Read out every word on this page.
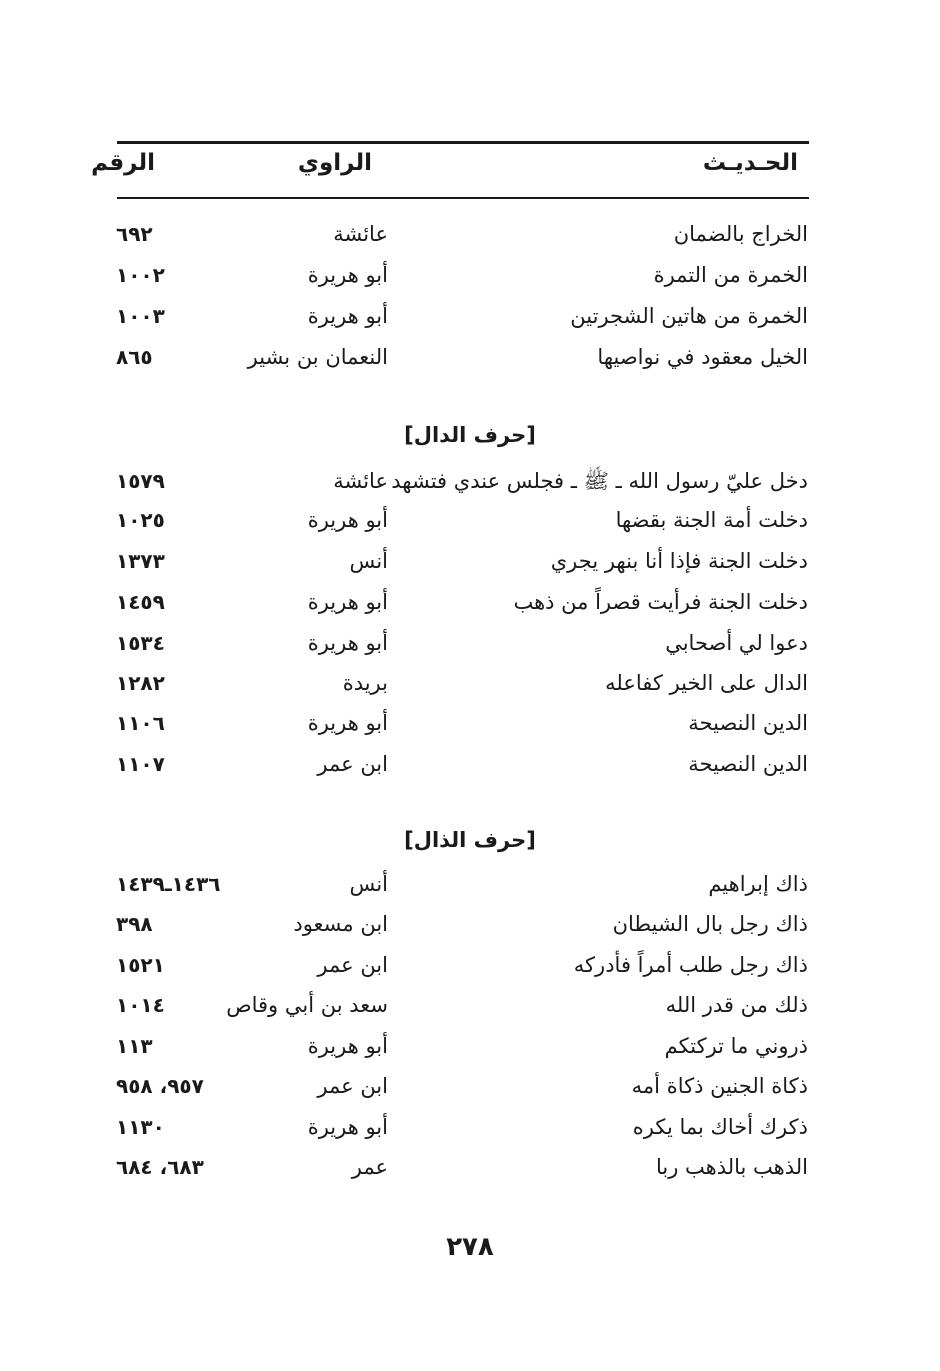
الحـديـث
الراوي
الرقم
الخراج بالضمان
عائشة
٦٩٢
الخمرة من التمرة
أبو هريرة
١٠٠٢
الخمرة من هاتين الشجرتين
أبو هريرة
١٠٠٣
الخيل معقود في نواصيها
النعمان بن بشير
٨٦٥
[حرف الدال]
دخل عليّ رسول الله ـ ﷺ ـ فجلس عندي فتشهد
عائشة
١٥٧٩
دخلت أمة الجنة بقضها
أبو هريرة
١٠٢٥
دخلت الجنة فإذا أنا بنهر يجري
أنس
١٣٧٣
دخلت الجنة فرأيت قصراً من ذهب
أبو هريرة
١٤٥٩
دعوا لي أصحابي
أبو هريرة
١٥٣٤
الدال على الخير كفاعله
بريدة
١٢٨٢
الدين النصيحة
أبو هريرة
١١٠٦
الدين النصيحة
ابن عمر
١١٠٧
[حرف الذال]
ذاك إبراهيم
أنس
١٤٣٦ـ١٤٣٩
ذاك رجل بال الشيطان
ابن مسعود
٣٩٨
ذاك رجل طلب أمراً فأدركه
ابن عمر
١٥٢١
ذلك من قدر الله
سعد بن أبي وقاص
١٠١٤
ذروني ما تركتكم
أبو هريرة
١١٣
ذكاة الجنين ذكاة أمه
ابن عمر
٩٥٧، ٩٥٨
ذكرك أخاك بما يكره
أبو هريرة
١١٣٠
الذهب بالذهب ربا
عمر
٦٨٣، ٦٨٤
٢٧٨
